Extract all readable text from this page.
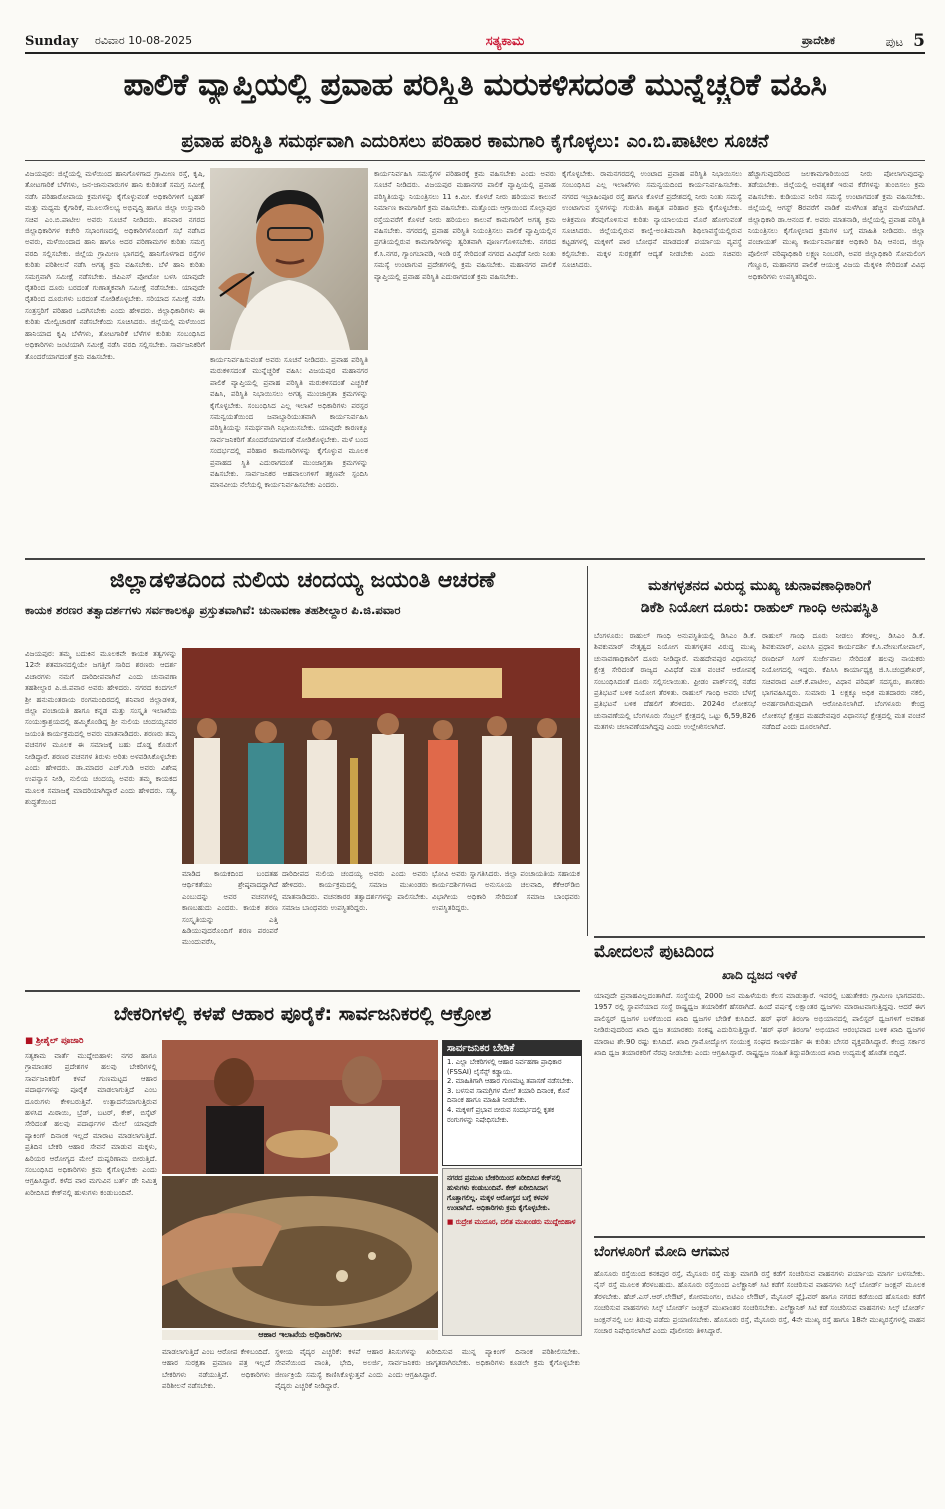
Sunday	ರವಿವಾರ 10-08-2025	ಸತ್ಯಕಾಮ	ಪ್ರಾದೇಶಿಕ	ಪುಟ 5
ಪಾಲಿಕೆ ವ್ಯಾಪ್ತಿಯಲ್ಲಿ ಪ್ರವಾಹ ಪರಿಸ್ಥಿತಿ ಮರುಕಳಿಸದಂತೆ ಮುನ್ನೆಚ್ಚರಿಕೆ ವಹಿಸಿ
ಪ್ರವಾಹ ಪರಿಸ್ಥಿತಿ ಸಮರ್ಥವಾಗಿ ಎದುರಿಸಲು ಪರಿಹಾರ ಕಾಮಗಾರಿ ಕೈಗೊಳ್ಳಲು: ಎಂ.ಬಿ.ಪಾಟೀಲ ಸೂಚನೆ
ವಿಜಯಪುರ: ಜಿಲ್ಲೆಯಲ್ಲಿ ಮಳೆಯಿಂದ ಹಾನಿಗೊಳಗಾದ ಗ್ರಾಮೀಣ ರಸ್ತೆ, ಕೃಷಿ, ತೋಟಗಾರಿಕೆ ಬೆಳೆಗಳು, ಜನ-ಜಾನುವಾರುಗಳ ಹಾನಿ ಕುರಿತಂತೆ ಸಮಗ್ರ ಸಮೀಕ್ಷೆ ನಡೆಸಿ ಪರಿಹಾರೋಪಾಯ ಕ್ರಮಗಳನ್ನು ಕೈಗೊಳ್ಳುವಂತೆ ಅಧಿಕಾರಿಗಳಿಗೆ ಬೃಹತ್ ಮತ್ತು ಮಧ್ಯಮ ಕೈಗಾರಿಕೆ, ಮೂಲಸೌಲಭ್ಯ ಅಭಿವೃದ್ಧಿ ಹಾಗೂ ಜಿಲ್ಲಾ ಉಸ್ತುವಾರಿ ಸಚಿವ ಎಂ.ಬಿ.ಪಾಟೀಲ ಅವರು ಸೂಚನೆ ನೀಡಿದರು. ಶನಿವಾರ ನಗರದ ಜಿಲ್ಲಾಧಿಕಾರಿಗಳ ಕಚೇರಿ ಸಭಾಂಗಣದಲ್ಲಿ ಅಧಿಕಾರಿಗಳೊಂದಿಗೆ ಸಭೆ ನಡೆಸಿದ ಅವರು, ಮಳೆಯಿಂದಾದ ಹಾನಿ ಹಾಗೂ ಅದರ ಪರಿಣಾಮಗಳ ಕುರಿತು ಸಮಗ್ರ ವರದಿ ಸಲ್ಲಿಸಬೇಕು. ಜಿಲ್ಲೆಯ ಗ್ರಾಮೀಣ ಭಾಗದಲ್ಲಿ ಹಾನಿಗೊಳಗಾದ ರಸ್ತೆಗಳ ಕುರಿತು ಪರಿಶೀಲನೆ ನಡೆಸಿ ಅಗತ್ಯ ಕ್ರಮ ವಹಿಸಬೇಕು. ಬೆಳೆ ಹಾನಿ ಕುರಿತು ಸಮಗ್ರವಾಗಿ ಸಮೀಕ್ಷೆ ನಡೆಸಬೇಕು. ಜಿಪಿಎಸ್ ಪೋಟೋ ಬಳಸಿ ಯಾವುದೇ ರೈತರಿಂದ ದೂರು ಬರದಂತೆ ಗುಣಾತ್ಮಕವಾಗಿ ಸಮೀಕ್ಷೆ ನಡೆಸಬೇಕು. ಯಾವುದೇ ರೈತರಿಂದ ದೂರುಗಳು ಬರದಂತೆ ನೋಡಿಕೊಳ್ಳಬೇಕು. ಸರಿಯಾದ ಸಮೀಕ್ಷೆ ನಡೆಸಿ ಸಂತ್ರಸ್ತರಿಗೆ ಪರಿಹಾರ ಒದಗಿಸಬೇಕು ಎಂದು ಹೇಳಿದರು. ಜಿಲ್ಲಾಧಿಕಾರಿಗಳು ಈ ಕುರಿತು ಮೇಲ್ವಿಚಾರಣೆ ನಡೆಸಬೇಕೆಂದು ಸೂಚಿಸಿದರು. ಜಿಲ್ಲೆಯಲ್ಲಿ ಮಳೆಯಿಂದ ಹಾನಿಯಾದ ಕೃಷಿ ಬೆಳೆಗಳು, ತೋಟಗಾರಿಕೆ ಬೆಳೆಗಳ ಕುರಿತು ಸಂಬಂಧಿಸಿದ ಅಧಿಕಾರಿಗಳು ಜಂಟಿಯಾಗಿ ಸಮೀಕ್ಷೆ ನಡೆಸಿ ವರದಿ ಸಲ್ಲಿಸಬೇಕು. ಸಾರ್ವಜನಿಕರಿಗೆ ತೊಂದರೆಯಾಗದಂತೆ ಕ್ರಮ ವಹಿಸಬೇಕು.	ಕಾರ್ಯನಿರ್ವಹಿಸುವಂತೆ ಅವರು ಸೂಚನೆ ನೀಡಿದರು. ಪ್ರವಾಹ ಪರಿಸ್ಥಿತಿ ಮರುಕಳಿಸದಂತೆ ಮುನ್ನೆಚ್ಚರಿಕೆ ವಹಿಸಿ: ವಿಜಯಪುರ ಮಹಾನಗರ ಪಾಲಿಕೆ ವ್ಯಾಪ್ತಿಯಲ್ಲಿ ಪ್ರವಾಹ ಪರಿಸ್ಥಿತಿ ಮರುಕಳಿಸದಂತೆ ಎಚ್ಚರಿಕೆ ವಹಿಸಿ, ಪರಿಸ್ಥಿತಿ ನಿಭಾಯಿಸಲು ಅಗತ್ಯ ಮುಂಜಾಗ್ರತಾ ಕ್ರಮಗಳನ್ನು ಕೈಗೊಳ್ಳಬೇಕು. ಸಂಬಂಧಿಸಿದ ಎಲ್ಲ ಇಲಾಖೆ ಅಧಿಕಾರಿಗಳು ಪರಸ್ಪರ ಸಮನ್ವಯತೆಯಿಂದ ಜವಾಬ್ದಾರಿಯುತವಾಗಿ ಕಾರ್ಯನಿರ್ವಹಿಸಿ ಪರಿಸ್ಥಿತಿಯನ್ನು ಸಮರ್ಥವಾಗಿ ನಿಭಾಯಿಸಬೇಕು. ಯಾವುದೇ ಕಾರಣಕ್ಕೂ ಸಾರ್ವಜನಿಕರಿಗೆ ತೊಂದರೆಯಾಗದಂತೆ ನೋಡಿಕೊಳ್ಳಬೇಕು. ಮಳೆ ಬಂದ ಸಂದರ್ಭದಲ್ಲಿ ಪರಿಹಾರ ಕಾಮಗಾರಿಗಳನ್ನು ಕೈಗೊಳ್ಳುವ ಮೂಲಕ ಪ್ರವಾಹದ ಸ್ಥಿತಿ ಎದುರಾಗದಂತೆ ಮುಂಜಾಗ್ರತಾ ಕ್ರಮಗಳನ್ನು ವಹಿಸಬೇಕು. ಸಾರ್ವಜನಿಕರ ಆಹವಾಲುಗಳಿಗೆ ತಕ್ಷಣವೇ ಸ್ಪಂದಿಸಿ ಮಾನವೀಯ ನೆಲೆಯಲ್ಲಿ ಕಾರ್ಯನಿರ್ವಹಿಸಬೇಕು ಎಂದರು.
ಕಾರ್ಯನಿರ್ವಹಿಸಿ ಸಮಸ್ಯೆಗಳ ಪರಿಹಾರಕ್ಕೆ ಕ್ರಮ ವಹಿಸಬೇಕು ಎಂದು ಅವರು ಸೂಚನೆ ನೀಡಿದರು. ವಿಜಯಪುರ ಮಹಾನಗರ ಪಾಲಿಕೆ ವ್ಯಾಪ್ತಿಯಲ್ಲಿ ಪ್ರವಾಹ ಪರಿಸ್ಥಿತಿಯನ್ನು ನಿಯಂತ್ರಿಸಲು 11 ಕಿ.ಮೀ. ಕೊಳಚೆ ನೀರು ಹರಿಯುವ ಕಾಲುವೆ ನಿರ್ಮಾಣ ಕಾಮಗಾರಿಗೆ ಕ್ರಮ ವಹಿಸಬೇಕು. ಮತ್ತೊಂದು ಆಗ್ರಾಯಿಂದ ಸೊಲ್ಲಾಪುರ ರಸ್ತೆಯವರೆಗೆ ಕೊಳಚೆ ನೀರು ಹರಿಯಲು ಕಾಲುವೆ ಕಾಮಗಾರಿಗೆ ಅಗತ್ಯ ಕ್ರಮ ವಹಿಸಬೇಕು. ನಗರದಲ್ಲಿ ಪ್ರವಾಹ ಪರಿಸ್ಥಿತಿ ನಿಯಂತ್ರಿಸಲು ಪಾಲಿಕೆ ವ್ಯಾಪ್ತಿಯಲ್ಲಿನ ಪ್ರಗತಿಯಲ್ಲಿರುವ ಕಾಮಗಾರಿಗಳನ್ನು ತ್ವರಿತವಾಗಿ ಪೂರ್ಣಗೊಳಿಸಬೇಕು. ನಗರದ ಕೆ.ಸಿ.ನಗರ, ಗ್ಯಾಂಗಬಾವಡಿ, ಇಂಡಿ ರಸ್ತೆ ಸೇರಿದಂತೆ ನಗರದ ವಿವಿಧೆಡೆ ನೀರು ನಿಂತು ಸಮಸ್ಯೆ ಉಂಟಾಗುವ ಪ್ರದೇಶಗಳಲ್ಲಿ ಕ್ರಮ ವಹಿಸಬೇಕು. ಮಹಾನಗರ ಪಾಲಿಕೆ ವ್ಯಾಪ್ತಿಯಲ್ಲಿ ಪ್ರವಾಹ ಪರಿಸ್ಥಿತಿ ಎದುರಾಗದಂತೆ ಕ್ರಮ ವಹಿಸಬೇಕು.
ಕೈಗೊಳ್ಳಬೇಕು. ರಾಮನಗರದಲ್ಲಿ ಉಂಟಾದ ಪ್ರವಾಹ ಪರಿಸ್ಥಿತಿ ನಿಭಾಯಿಸಲು ಸಂಬಂಧಿಸಿದ ಎಲ್ಲ ಇಲಾಖೆಗಳು ಸಮನ್ವಯದಿಂದ ಕಾರ್ಯನಿರ್ವಹಿಸಬೇಕು. ನಗರದ ಇಬ್ರಾಹಿಂಪೂರ ರಸ್ತೆ ಹಾಗೂ ಕೊಳಚೆ ಪ್ರದೇಶದಲ್ಲಿ ನೀರು ನಿಂತು ಸಮಸ್ಯೆ ಉಂಟಾಗುವ ಸ್ಥಳಗಳನ್ನು ಗುರುತಿಸಿ ಶಾಶ್ವತ ಪರಿಹಾರ ಕ್ರಮ ಕೈಗೊಳ್ಳಬೇಕು. ಅತಿಕ್ರಮಣ ತೆರವುಗೊಳಿಸುವ ಕುರಿತು ನ್ಯಾಯಾಲಯದ ಮೊರೆ ಹೋಗುವಂತೆ ಸೂಚಿಸಿದರು. ಜಿಲ್ಲೆಯಲ್ಲಿರುವ ಕಾಲ್ವೆ-ಅಂತಿಮವಾಗಿ ಶಿಥಿಲಾವಸ್ಥೆಯಲ್ಲಿರುವ ಕಟ್ಟಡಗಳಲ್ಲಿ ಮಕ್ಕಳಿಗೆ ಪಾಠ ಬೋಧನೆ ಮಾಡದಂತೆ ಪರ್ಯಾಯ ವ್ಯವಸ್ಥೆ ಕಲ್ಪಿಸಬೇಕು. ಮಕ್ಕಳ ಸುರಕ್ಷತೆಗೆ ಆದ್ಯತೆ ನೀಡಬೇಕು ಎಂದು ಸಚಿವರು ಸೂಚಿಸಿದರು.
ಹೆಚ್ಚಾಗುವುದರಿಂದ ಜಲಕಾಮಗಾರಿಯಿಂದ ನೀರು ಪೋಲಾಗುವುದನ್ನು ತಡೆಯಬೇಕು. ಜಿಲ್ಲೆಯಲ್ಲಿ ಅವಶ್ಯಕತೆ ಇರುವ ಕೆರೆಗಳನ್ನು ತುಂಬಿಸಲು ಕ್ರಮ ವಹಿಸಬೇಕು. ಕುಡಿಯುವ ನೀರಿನ ಸಮಸ್ಯೆ ಉಂಟಾಗದಂತೆ ಕ್ರಮ ವಹಿಸಬೇಕು. ಜಿಲ್ಲೆಯಲ್ಲಿ ಆಗಸ್ಟ್ 8ರವರೆಗೆ ವಾಡಿಕೆ ಮಳೆಗಿಂತ ಹೆಚ್ಚಿನ ಮಳೆಯಾಗಿದೆ. ಜಿಲ್ಲಾಧಿಕಾರಿ ಡಾ.ಆನಂದ ಕೆ. ಅವರು ಮಾತನಾಡಿ, ಜಿಲ್ಲೆಯಲ್ಲಿ ಪ್ರವಾಹ ಪರಿಸ್ಥಿತಿ ನಿಯಂತ್ರಿಸಲು ಕೈಗೊಳ್ಳಲಾದ ಕ್ರಮಗಳ ಬಗ್ಗೆ ಮಾಹಿತಿ ನೀಡಿದರು. ಜಿಲ್ಲಾ ಪಂಚಾಯತ್ ಮುಖ್ಯ ಕಾರ್ಯನಿರ್ವಾಹಕ ಅಧಿಕಾರಿ ರಿಷಿ ಆನಂದ, ಜಿಲ್ಲಾ ಪೊಲೀಸ್ ವರಿಷ್ಠಾಧಿಕಾರಿ ಲಕ್ಷ್ಮಣ ನಿಂಬರಗಿ, ಅಪರ ಜಿಲ್ಲಾಧಿಕಾರಿ ಸೋಮಲಿಂಗ ಗೆಣ್ಣೂರ, ಮಹಾನಗರ ಪಾಲಿಕೆ ಆಯುಕ್ತ ವಿಜಯ ಮೆಕ್ಕಳಕಿ ಸೇರಿದಂತೆ ವಿವಿಧ ಅಧಿಕಾರಿಗಳು ಉಪಸ್ಥಿತರಿದ್ದರು.
ಜಿಲ್ಲಾಡಳಿತದಿಂದ ನುಲಿಯ ಚಂದಯ್ಯ ಜಯಂತಿ ಆಚರಣೆ
ಕಾಯಕ ಶರಣರ ತತ್ವಾದರ್ಶಗಳು ಸರ್ವಕಾಲಕ್ಕೂ ಪ್ರಸ್ತುತವಾಗಿವೆ: ಚುನಾವಣಾ ತಹಶೀಲ್ದಾರ ಪಿ.ಜಿ.ಪವಾರ
ವಿಜಯಪುರ: ತಮ್ಮ ಬದುಕಿನ ಮೂಲಕವೇ ಕಾಯಕ ತತ್ವಗಳನ್ನು 12ನೇ ಶತಮಾನದಲ್ಲಿಯೇ ಜಗತ್ತಿಗೆ ಸಾರಿದ ಶರಣರು ಆದರ್ಶ ವಿಚಾರಗಳು ನಮಗೆ ದಾರಿದೀಪವಾಗಿವೆ ಎಂದು ಚುನಾವಣಾ ತಹಶೀಲ್ದಾರ ಪಿ.ಜಿ.ಪವಾರ ಅವರು ಹೇಳಿದರು. ನಗರದ ಕಂದಗಲ್ ಶ್ರೀ ಹನುಮಂತರಾಯ ರಂಗಮಂದಿರದಲ್ಲಿ ಶನಿವಾರ ಜಿಲ್ಲಾಡಳಿತ, ಜಿಲ್ಲಾ ಪಂಚಾಯತಿ ಹಾಗೂ ಕನ್ನಡ ಮತ್ತು ಸಂಸ್ಕೃತಿ ಇಲಾಖೆಯ ಸಂಯುಕ್ತಾಶ್ರಯದಲ್ಲಿ ಹಮ್ಮಿಕೊಂಡಿದ್ದ ಶ್ರೀ ನುಲಿಯ ಚಂದಯ್ಯನವರ ಜಯಂತಿ ಕಾರ್ಯಕ್ರಮದಲ್ಲಿ ಅವರು ಮಾತನಾಡಿದರು. ಶರಣರು ತಮ್ಮ ವಚನಗಳ ಮೂಲಕ ಈ ಸಮಾಜಕ್ಕೆ ಬಹು ದೊಡ್ಡ ಕೊಡುಗೆ ನೀಡಿದ್ದಾರೆ. ಶರಣರ ವಚನಗಳ ತಿರುಳು ಅರಿತು ಅಳವಡಿಸಿಕೊಳ್ಳಬೇಕು ಎಂದು ಹೇಳಿದರು. ಡಾ.ಮಾದರ ಎಚ್.ಗುಡಿ ಅವರು ವಿಶೇಷ ಉಪನ್ಯಾಸ ನೀಡಿ, ನುಲಿಯ ಚಂದಯ್ಯ ಅವರು ತಮ್ಮ ಕಾಯಕದ ಮೂಲಕ ಸಮಾಜಕ್ಕೆ ಮಾದರಿಯಾಗಿದ್ದಾರೆ ಎಂದು ಹೇಳಿದರು. ಸತ್ಯ, ಶುದ್ಧತೆಯಿಂದ
ಮಾಡಿದ ಕಾಯಕದಿಂದ ಬಂದತಹ ಆರ್ಥಿಕತೆಯು ಶ್ರೇಷ್ಠವಾದದ್ದಾಗಿದೆ ಎಂಬುದನ್ನು ಅವರ ವಚನಗಳಲ್ಲಿ ಕಾಣಬಹುದು ಎಂದರು. ಕಾಯಕ ಶರಣ ಸಂಸ್ಕೃತಿಯನ್ನು ಎತ್ತಿ ಹಿಡಿಯುವುದರೊಂದಿಗೆ ಶರಣ ಪರಂಪರೆ ಮುಂದುವರೆಸಿ,
ದಾರಿದೀಪದ ನುಲಿಯ ಚಂದಯ್ಯ ಅವರು ಎಂದು ಅವರು ಹೇಳಿದರು. ಕಾರ್ಯಕ್ರಮದಲ್ಲಿ ಸಮಾಜ ಮುಖಂಡರು ಮಾತನಾಡಿದರು. ವಚನಕಾರರ ತತ್ವಾದರ್ಶಗಳನ್ನು ಪಾಲಿಸಬೇಕು. ಸಮಾಜ ಬಾಂಧವರು ಉಪಸ್ಥಿತರಿದ್ದರು.
ಭೋವಿ ಅವರು ಸ್ವಾಗತಿಸಿದರು. ಜಿಲ್ಲಾ ಪಂಚಾಯತಿಯ ಸಹಾಯಕ ಕಾರ್ಯದರ್ಶಿಗಳಾದ ಅನುಸೂಯ ಚಲವಾದಿ, ಕೆಕೆಆರ್‌ಡಿಬಿ ವಿಭಾಗೀಯ ಅಧಿಕಾರಿ ಸೇರಿದಂತೆ ಸಮಾಜ ಬಾಂಧವರು ಉಪಸ್ಥಿತರಿದ್ದರು.
ಮತಗಳ್ಳತನದ ವಿರುದ್ಧ ಮುಖ್ಯ ಚುನಾವಣಾಧಿಕಾರಿಗೆ
ಡಿಕೆಶಿ ನಿಯೋಗ ದೂರು: ರಾಹುಲ್ ಗಾಂಧಿ ಅನುಪಸ್ಥಿತಿ
ಬೆಂಗಳೂರು: ರಾಹುಲ್ ಗಾಂಧಿ ಅನುಪಸ್ಥಿತಿಯಲ್ಲಿ ಡಿಸಿಎಂ ಡಿ.ಕೆ. ಶಿವಕುಮಾರ್ ನೇತೃತ್ವದ ನಿಯೋಗ ಮತಗಳ್ಳತನ ವಿರುದ್ಧ ಮುಖ್ಯ ಚುನಾವಣಾಧಿಕಾರಿಗೆ ದೂರು ನೀಡಿದ್ದಾರೆ. ಮಹದೇವಪುರ ವಿಧಾನಸಭೆ ಕ್ಷೇತ್ರ ಸೇರಿದಂತೆ ರಾಜ್ಯದ ವಿವಿಧೆಡೆ ಮತ ವಂಚನೆ ಆರೋಪಕ್ಕೆ ಸಂಬಂಧಿಸಿದಂತೆ ದೂರು ಸಲ್ಲಿಸಲಾಯಿತು. ಫ್ರೀಡಂ ಪಾರ್ಕ್‌ನಲ್ಲಿ ನಡೆದ ಪ್ರತಿಭಟನೆ ಬಳಿಕ ನಿಯೋಗ ತೆರಳಿತು. ರಾಹುಲ್ ಗಾಂಧಿ ಅವರು ಬೆಳಗ್ಗೆ ಪ್ರತಿಭಟನೆ ಬಳಿಕ ದೆಹಲಿಗೆ ತೆರಳಿದರು. 2024ರ ಲೋಕಸಭೆ ಚುನಾವಣೆಯಲ್ಲಿ ಬೆಂಗಳೂರು ಸೆಂಟ್ರಲ್ ಕ್ಷೇತ್ರದಲ್ಲಿ ಒಟ್ಟು 6,59,826 ಮತಗಳು ಚಲಾವಣೆಯಾಗಿದ್ದವು ಎಂದು ಉಲ್ಲೇಖಿಸಲಾಗಿದೆ.
ರಾಹುಲ್ ಗಾಂಧಿ ದೂರು ನೀಡಲು ತೆರಳಿಲ್ಲ. ಡಿಸಿಎಂ ಡಿ.ಕೆ. ಶಿವಕುಮಾರ್, ಎಐಸಿಸಿ ಪ್ರಧಾನ ಕಾರ್ಯದರ್ಶಿ ಕೆ.ಸಿ.ವೇಣುಗೋಪಾಲ್, ರಣದೀಪ್ ಸಿಂಗ್ ಸುರ್ಜೇವಾಲ ಸೇರಿದಂತೆ ಹಲವು ನಾಯಕರು ನಿಯೋಗದಲ್ಲಿ ಇದ್ದರು. ಕೆಪಿಸಿಸಿ ಕಾರ್ಯಾಧ್ಯಕ್ಷ ಜಿ.ಸಿ.ಚಂದ್ರಶೇಖರ್, ಸಚಿವರಾದ ಎಚ್.ಕೆ.ಪಾಟೀಲ, ವಿಧಾನ ಪರಿಷತ್ ಸದಸ್ಯರು, ಶಾಸಕರು ಭಾಗವಹಿಸಿದ್ದರು. ಸುಮಾರು 1 ಲಕ್ಷಕ್ಕೂ ಅಧಿಕ ಮತದಾರರು ನಕಲಿ, ಅನರ್ಹರಾಗಿರುವುದಾಗಿ ಆರೋಪಿಸಲಾಗಿದೆ. ಬೆಂಗಳೂರು ಕೇಂದ್ರ ಲೋಕಸಭೆ ಕ್ಷೇತ್ರದ ಮಹದೇವಪುರ ವಿಧಾನಸಭೆ ಕ್ಷೇತ್ರದಲ್ಲಿ ಮತ ವಂಚನೆ ನಡೆದಿದೆ ಎಂದು ದೂರಲಾಗಿದೆ.
ಮೋದಲನೆ ಪುಟದಿಂದ
ಖಾದಿ ದ್ವಜದ ಇಳಿಕೆ
ಯಾವುದೇ ಪ್ರವಾಹವಿಲ್ಲದಂತಾಗಿದೆ. ಸಂಸ್ಥೆಯಲ್ಲಿ 2000 ಜನ ಮಹಿಳೆಯರು ಕೆಲಸ ಮಾಡುತ್ತಾರೆ. ಇವರಲ್ಲಿ ಬಹುತೇಕರು ಗ್ರಾಮೀಣ ಭಾಗದವರು. 1957 ರಲ್ಲಿ ಸ್ಥಾಪನೆಯಾದ ಸಂಸ್ಥೆ ರಾಷ್ಟ್ರಧ್ವಜ ತಯಾರಿಕೆಗೆ ಹೆಸರಾಗಿದೆ. ಹಿಂದೆ ವರ್ಷಕ್ಕೆ ಲಕ್ಷಾಂತರ ಧ್ವಜಗಳು ಮಾರಾಟವಾಗುತ್ತಿದ್ದವು. ಆದರೆ ಈಗ ಪಾಲಿಸ್ಟರ್ ಧ್ವಜಗಳ ಬಳಕೆಯಿಂದ ಖಾದಿ ಧ್ವಜಗಳ ಬೇಡಿಕೆ ಕುಸಿದಿದೆ. ಹರ್ ಘರ್ ತಿರಂಗಾ ಅಭಿಯಾನದಲ್ಲಿ ಪಾಲಿಸ್ಟರ್ ಧ್ವಜಗಳಿಗೆ ಅವಕಾಶ ನೀಡಿರುವುದರಿಂದ ಖಾದಿ ಧ್ವಜ ತಯಾರಕರು ಸಂಕಷ್ಟ ಎದುರಿಸುತ್ತಿದ್ದಾರೆ. 'ಹರ್ ಘರ್ ತಿರಂಗಾ' ಅಭಿಯಾನ ಆರಂಭವಾದ ಬಳಿಕ ಖಾದಿ ಧ್ವಜಗಳ ಮಾರಾಟ ಶೇ.90 ರಷ್ಟು ಕುಸಿದಿದೆ. ಖಾದಿ ಗ್ರಾಮೋದ್ಯೋಗ ಸಂಯುಕ್ತ ಸಂಘದ ಕಾರ್ಯದರ್ಶಿ ಈ ಕುರಿತು ಬೇಸರ ವ್ಯಕ್ತಪಡಿಸಿದ್ದಾರೆ. ಕೇಂದ್ರ ಸರ್ಕಾರ ಖಾದಿ ಧ್ವಜ ತಯಾರಕರಿಗೆ ನೆರವು ನೀಡಬೇಕು ಎಂದು ಆಗ್ರಹಿಸಿದ್ದಾರೆ. ರಾಷ್ಟ್ರಧ್ವಜ ಸಂಹಿತೆ ತಿದ್ದುಪಡಿಯಿಂದ ಖಾದಿ ಉದ್ಯಮಕ್ಕೆ ಹೊಡೆತ ಬಿದ್ದಿದೆ.
ಬೆಂಗಳೂರಿಗೆ ಮೋದಿ ಆಗಮನ
ಹೊಸೂರು ರಸ್ತೆಯಿಂದ ಕನಕಪುರ ರಸ್ತೆ, ಮೈಸೂರು ರಸ್ತೆ ಮತ್ತು ಮಾಗಡಿ ರಸ್ತೆ ಕಡೆಗೆ ಸಂಚರಿಸುವ ವಾಹನಗಳು ಪರ್ಯಾಯ ಮಾರ್ಗ ಬಳಸಬೇಕು. ನೈಸ್ ರಸ್ತೆ ಮೂಲಕ ತೆರಳಬಹುದು. ಹೊಸೂರು ರಸ್ತೆಯಿಂದ ಎಲೆಕ್ಟ್ರಾನಿಕ್ ಸಿಟಿ ಕಡೆಗೆ ಸಂಚರಿಸುವ ವಾಹನಗಳು ಸಿಲ್ಕ್ ಬೋರ್ಡ್ ಜಂಕ್ಷನ್ ಮೂಲಕ ತೆರಳಬೇಕು. ಹೆಚ್.ಎಸ್.ಆರ್.ಲೇಔಟ್, ಕೋರಮಂಗಲ, ಬಿಟಿಎಂ ಲೇಔಟ್, ಮೈಸೂರ್ ಫ್ಲೈಓವರ್ ಹಾಗೂ ನಗರದ ಕಡೆಯಿಂದ ಹೊಸೂರು ಕಡೆಗೆ ಸಂಚರಿಸುವ ವಾಹನಗಳು ಸಿಲ್ಕ್ ಬೋರ್ಡ್ ಜಂಕ್ಷನ್ ಮುಖಾಂತರ ಸಂಚರಿಸಬೇಕು. ಎಲೆಕ್ಟ್ರಾನಿಕ್ ಸಿಟಿ ಕಡೆ ಸಂಚರಿಸುವ ವಾಹನಗಳು ಸಿಲ್ಕ್ ಬೋರ್ಡ್ ಜಂಕ್ಷನ್‌ನಲ್ಲಿ ಬಲ ತಿರುವು ಪಡೆದು ಪ್ರಯಾಣಿಸಬೇಕು. ಹೊಸೂರು ರಸ್ತೆ, ಮೈಸೂರು ರಸ್ತೆ, 4ನೇ ಮುಖ್ಯ ರಸ್ತೆ ಹಾಗೂ 18ನೇ ಮುಖ್ಯರಸ್ತೆಗಳಲ್ಲಿ ವಾಹನ ಸಂಚಾರ ನಿಷೇಧಿಸಲಾಗಿದೆ ಎಂದು ಪೊಲೀಸರು ತಿಳಿಸಿದ್ದಾರೆ.
ಬೇಕರಿಗಳಲ್ಲಿ ಕಳಪೆ ಆಹಾರ ಪೂರೈಕೆ: ಸಾರ್ವಜನಿಕರಲ್ಲಿ ಆಕ್ರೋಶ
■ ಶ್ರೀಶೈಲ್ ಪೂಜಾರಿ
ಸತ್ಯಕಾಮ ವಾರ್ತೆ ಮುದ್ದೇಬಿಹಾಳ: ನಗರ ಹಾಗೂ ಗ್ರಾಮಾಂತರ ಪ್ರದೇಶಗಳ ಹಲವು ಬೇಕರಿಗಳಲ್ಲಿ ಸಾರ್ವಜನಿಕರಿಗೆ ಕಳಪೆ ಗುಣಮಟ್ಟದ ಆಹಾರ ಪದಾರ್ಥಗಳನ್ನು ಪೂರೈಕೆ ಮಾಡಲಾಗುತ್ತಿದೆ ಎಂಬ ದೂರುಗಳು ಕೇಳಿಬರುತ್ತಿವೆ. ಉತ್ಪಾದನೆಯಾಗುತ್ತಿರುವ ಹಳಸಿದ ಮಿಠಾಯಿ, ಬ್ರೆಡ್, ಬಟರ್, ಕೇಕ್, ಬಿಸ್ಕೆಟ್ ಸೇರಿದಂತೆ ಹಲವು ಪದಾರ್ಥಗಳ ಮೇಲೆ ಯಾವುದೇ ಪ್ಯಾಕಿಂಗ್ ದಿನಾಂಕ ಇಲ್ಲದೆ ಮಾರಾಟ ಮಾಡಲಾಗುತ್ತಿದೆ. ಪ್ರತಿದಿನ ಬೇಕರಿ ಆಹಾರ ಸೇವನೆ ಮಾಡುವ ಮಕ್ಕಳು, ಹಿರಿಯರ ಆರೋಗ್ಯದ ಮೇಲೆ ದುಷ್ಪರಿಣಾಮ ಬೀರುತ್ತಿದೆ. ಸಂಬಂಧಿಸಿದ ಅಧಿಕಾರಿಗಳು ಕ್ರಮ ಕೈಗೊಳ್ಳಬೇಕು ಎಂದು ಆಗ್ರಹಿಸಿದ್ದಾರೆ. ಕಳೆದ ವಾರ ಮಗುವಿನ ಬರ್ತ್ ಡೇ ನಿಮಿತ್ತ ಖರೀದಿಸಿದ ಕೇಕ್‌ನಲ್ಲಿ ಹುಳುಗಳು ಕಂಡುಬಂದಿವೆ.
ಸಾರ್ವಜನಿಕರ ಬೇಡಿಕೆ
1. ಎಲ್ಲಾ ಬೇಕರಿಗಳಲ್ಲಿ ಆಹಾರ ನಿರ್ವಹಣಾ ಪ್ರಾಧಿಕಾರ (FSSAI) ಲೈಸೆನ್ಸ್ ಕಡ್ಡಾಯ.
2. ಮಾಹಿತಿಗಾಗಿ ಆಹಾರ ಗುಣಮಟ್ಟ ತಪಾಸಣೆ ನಡೆಸಬೇಕು.
3. ಬಳಸುವ ಸಾಮಗ್ರಿಗಳ ಮೇಲೆ ತಯಾರಿ ದಿನಾಂಕ, ಕೊನೆ ದಿನಾಂಕ ಹಾಗೂ ಮಾಹಿತಿ ನೀಡಬೇಕು.
4. ಮಕ್ಕಳಿಗೆ ಪ್ರಭಾವ ಬೀರುವ ಸಂದರ್ಭದಲ್ಲಿ ಕೃತಕ ರಂಗುಗಳನ್ನು ನಿಷೇಧಿಸಬೇಕು.
ಆಹಾರ ಇಲಾಖೆಯ ಅಧಿಕಾರಿಗಳು
ನಗರದ ಪ್ರಮುಖ ಬೇಕರಿಯಿಂದ ಖರೀದಿಸಿದ ಕೇಕ್‌ನಲ್ಲಿ ಹುಳುಗಳು ಕಂಡುಬಂದಿವೆ. ಕೇಕ್ ಖರೀದಿಸಿದಾಗ ಗೊತ್ತಾಗಲಿಲ್ಲ. ಮಕ್ಕಳ ಆರೋಗ್ಯದ ಬಗ್ಗೆ ಕಳವಳ ಉಂಟಾಗಿದೆ. ಅಧಿಕಾರಿಗಳು ಕ್ರಮ ಕೈಗೊಳ್ಳಬೇಕು.
■ ರುದ್ರೇಶ ಮುದೂರ, ದಲಿತ ಮುಖಂಡರು ಮುದ್ದೇಬಿಹಾಳ
ಮಾಡಲಾಗುತ್ತಿದೆ ಎಂಬ ಆರೋಪ ಕೇಳಿಬಂದಿದೆ. ಆಹಾರ ಸುರಕ್ಷತಾ ಪ್ರಮಾಣ ಪತ್ರ ಇಲ್ಲದೆ ಬೇಕರಿಗಳು ನಡೆಯುತ್ತಿವೆ. ಅಧಿಕಾರಿಗಳು ಪರಿಶೀಲನೆ ನಡೆಸಬೇಕು.
ಸ್ಥಳೀಯ ವೈದ್ಯರ ಎಚ್ಚರಿಕೆ: ಕಳಪೆ ಆಹಾರ ಸೇವನೆಯಿಂದ ವಾಂತಿ, ಭೇದಿ, ಅಲರ್ಜಿ, ಜೀರ್ಣಕ್ರಿಯೆ ಸಮಸ್ಯೆ ಕಾಣಿಸಿಕೊಳ್ಳುತ್ತವೆ ಎಂದು ವೈದ್ಯರು ಎಚ್ಚರಿಕೆ ನೀಡಿದ್ದಾರೆ.
ತಿನಿಸುಗಳನ್ನು ಖರೀದಿಸುವ ಮುನ್ನ ಪ್ಯಾಕಿಂಗ್ ದಿನಾಂಕ ಪರಿಶೀಲಿಸಬೇಕು. ಸಾರ್ವಜನಿಕರು ಜಾಗೃತರಾಗಿರಬೇಕು. ಅಧಿಕಾರಿಗಳು ಕೂಡಲೇ ಕ್ರಮ ಕೈಗೊಳ್ಳಬೇಕು ಎಂದು ಆಗ್ರಹಿಸಿದ್ದಾರೆ.
